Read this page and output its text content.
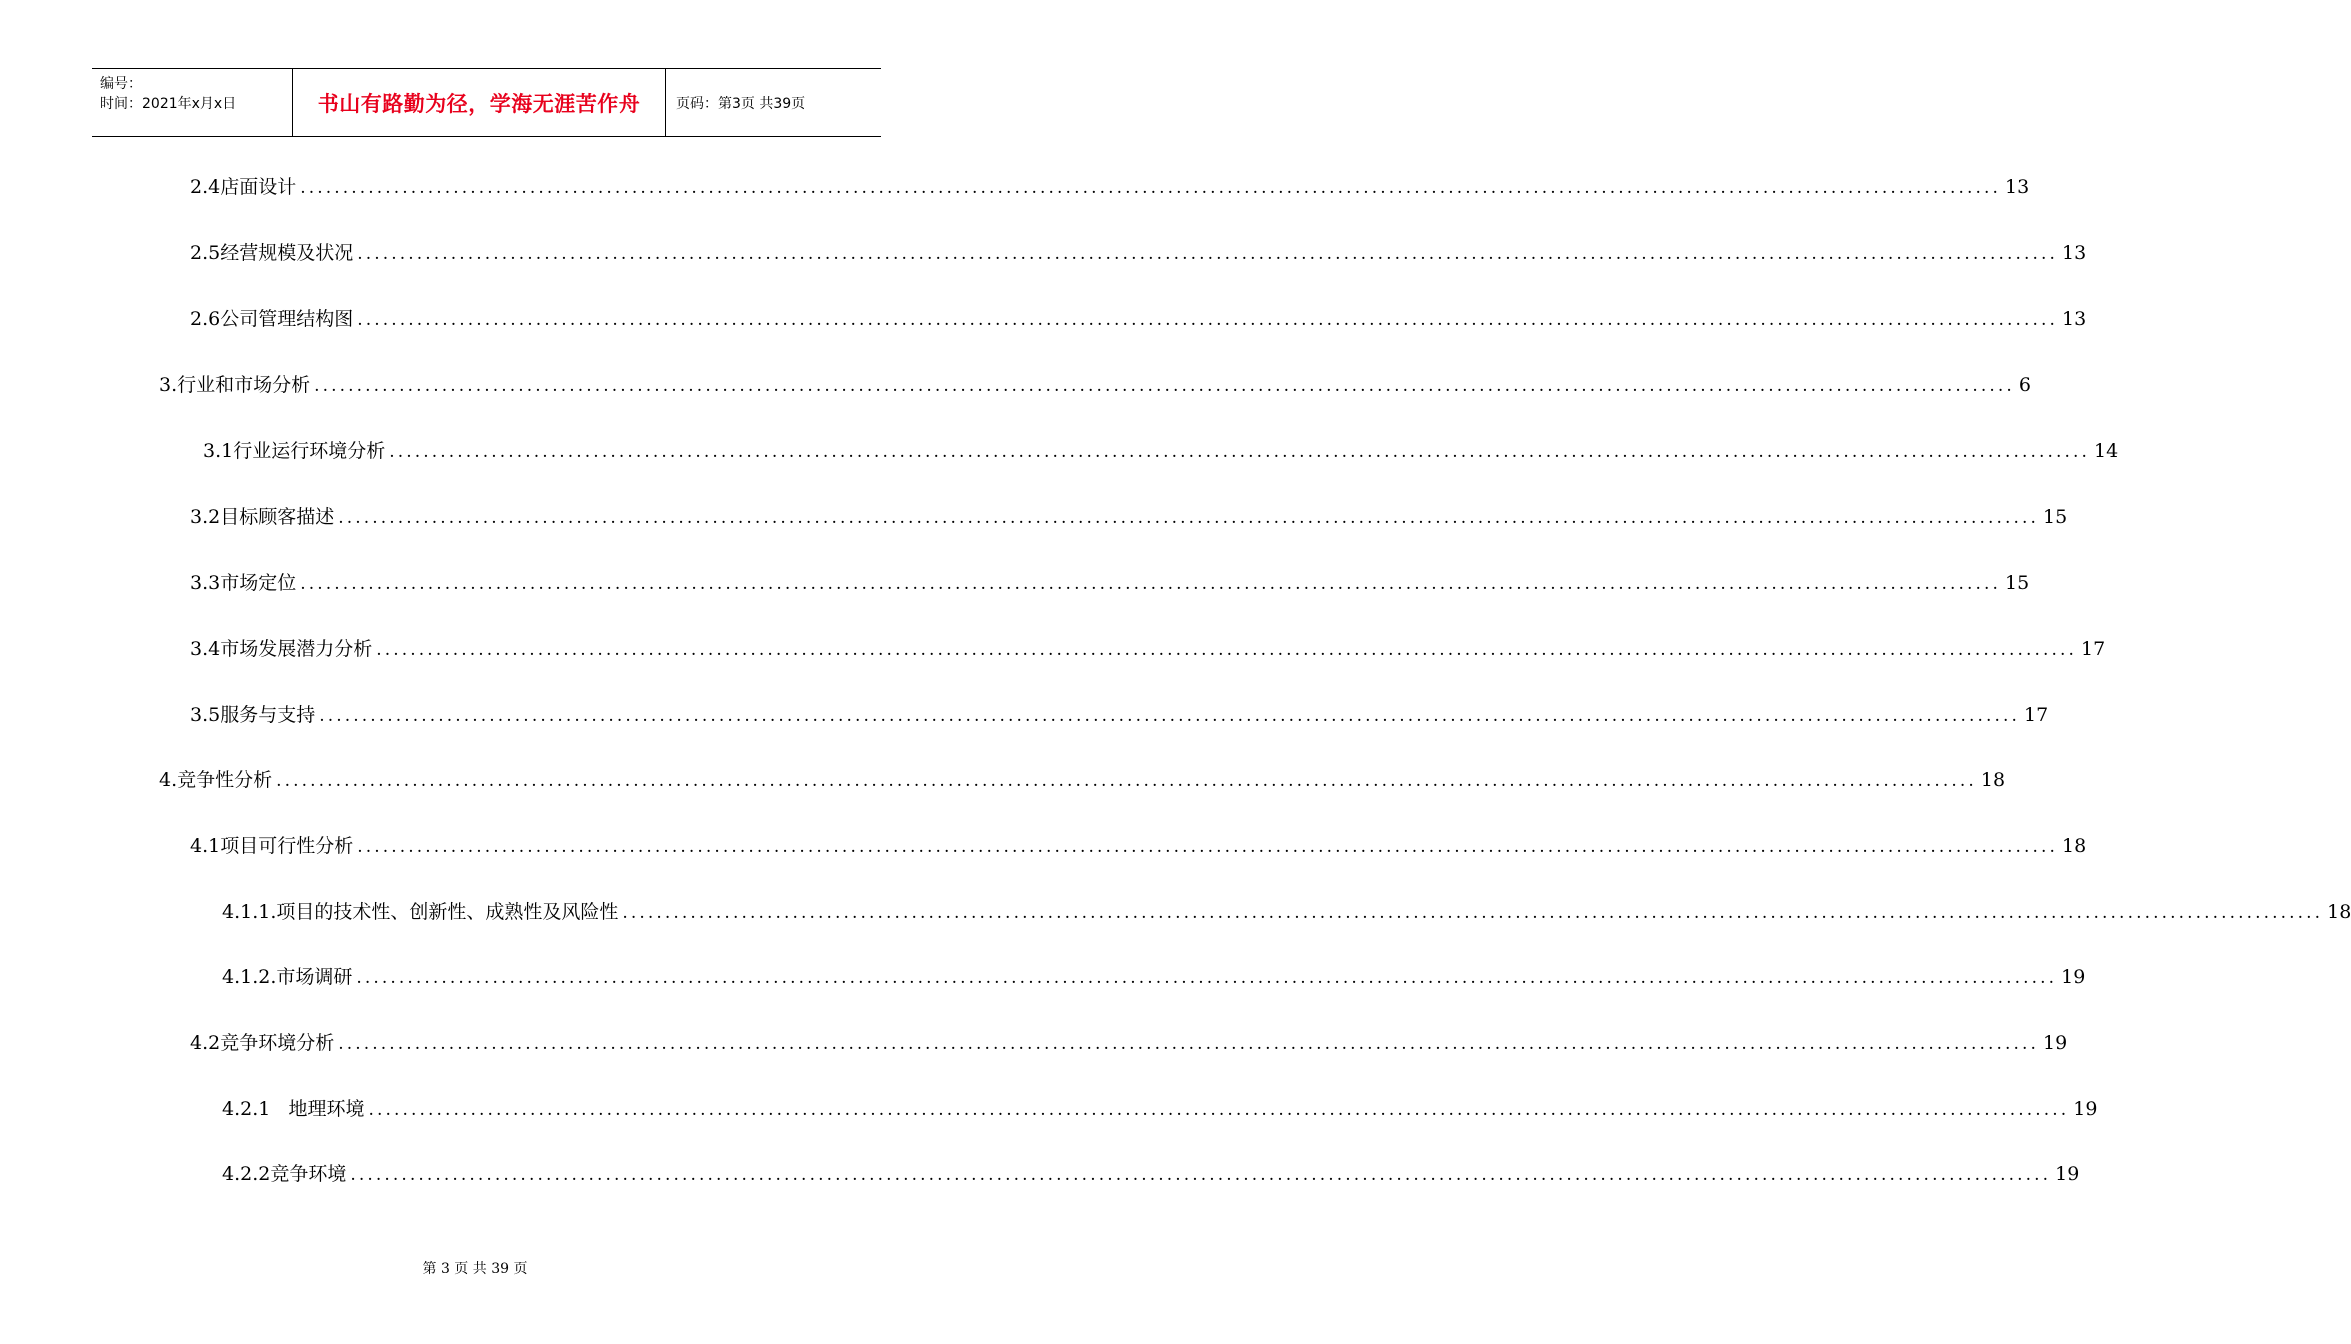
编号：
时间：2021年x月x日	书山有路勤为径，学海无涯苦作舟	页码：第3页 共39页
2.4店面设计 ........................................................................................................................................................................................................ 13
2.5经营规模及状况 ........................................................................................................................................................................................................ 13
2.6公司管理结构图 ........................................................................................................................................................................................................ 13
3.行业和市场分析 ........................................................................................................................................................................................................ 6
3.1行业运行环境分析 ........................................................................................................................................................................................................ 14
3.2目标顾客描述 ........................................................................................................................................................................................................ 15
3.3市场定位 ........................................................................................................................................................................................................ 15
3.4市场发展潜力分析 ........................................................................................................................................................................................................ 17
3.5服务与支持 ........................................................................................................................................................................................................ 17
4.竞争性分析 ........................................................................................................................................................................................................ 18
4.1项目可行性分析 ........................................................................................................................................................................................................ 18
4.1.1.项目的技术性、创新性、成熟性及风险性 ........................................................................................................................................................................................................ 18
4.1.2.市场调研 ........................................................................................................................................................................................................ 19
4.2竞争环境分析 ........................................................................................................................................................................................................ 19
4.2.1   地理环境 ........................................................................................................................................................................................................ 19
4.2.2竞争环境 ........................................................................................................................................................................................................ 19
第 3 页 共 39 页
